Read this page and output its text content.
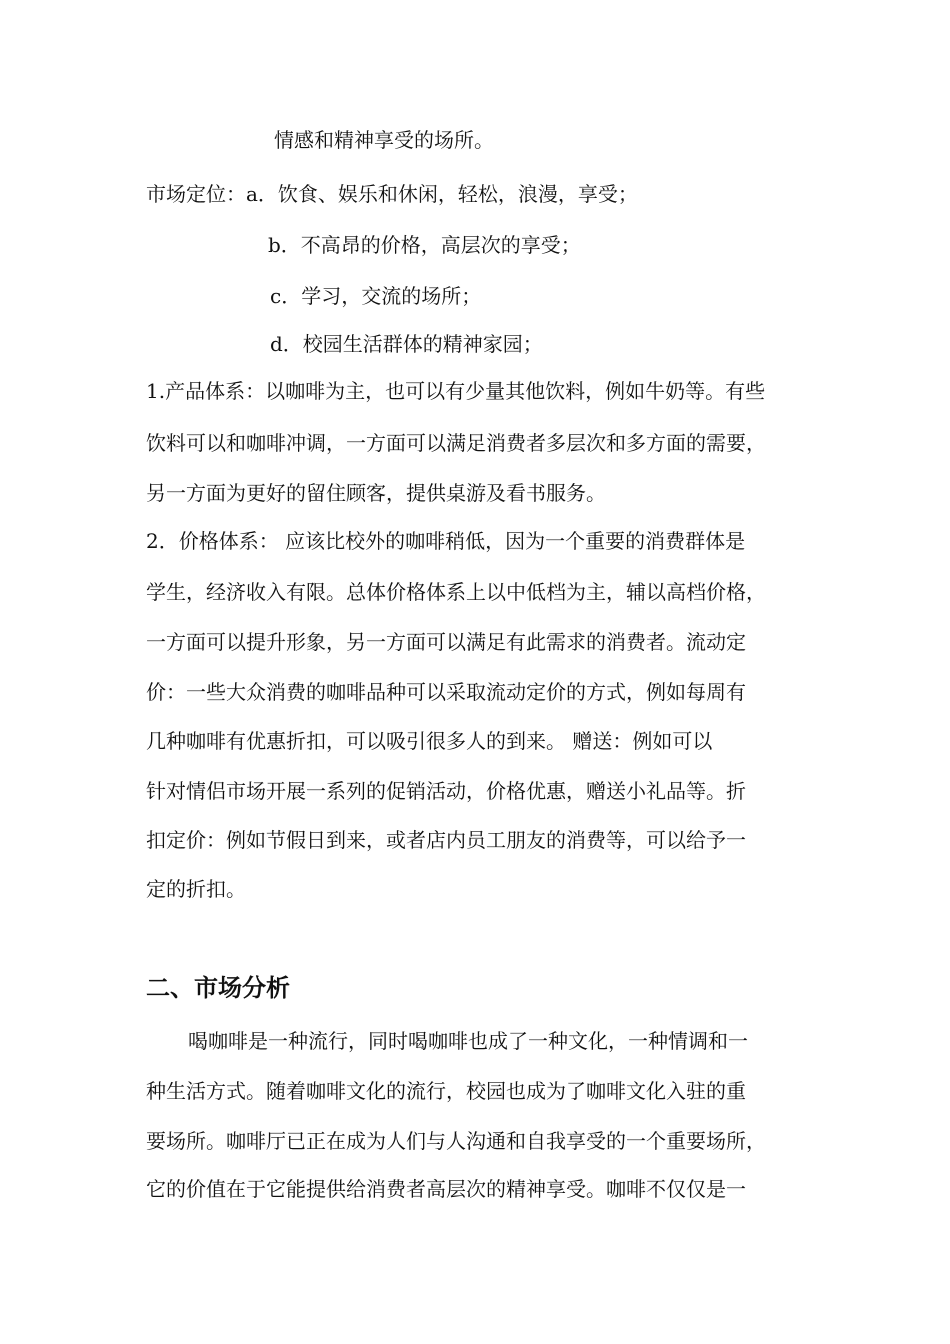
情感和精神享受的场所。
市场定位：a．饮食、娱乐和休闲，轻松，浪漫，享受；
b．不高昂的价格，高层次的享受；
c．学习，交流的场所；
d．校园生活群体的精神家园；
1.产品体系：以咖啡为主，也可以有少量其他饮料，例如牛奶等。有些
饮料可以和咖啡冲调，一方面可以满足消费者多层次和多方面的需要，
另一方面为更好的留住顾客，提供桌游及看书服务。
2．价格体系： 应该比校外的咖啡稍低，因为一个重要的消费群体是
学生，经济收入有限。总体价格体系上以中低档为主，辅以高档价格，
一方面可以提升形象，另一方面可以满足有此需求的消费者。流动定
价：一些大众消费的咖啡品种可以采取流动定价的方式，例如每周有
几种咖啡有优惠折扣，可以吸引很多人的到来。 赠送：例如可以
针对情侣市场开展一系列的促销活动，价格优惠，赠送小礼品等。折
扣定价：例如节假日到来，或者店内员工朋友的消费等，可以给予一
定的折扣。
二、市场分析
喝咖啡是一种流行，同时喝咖啡也成了一种文化，一种情调和一
种生活方式。随着咖啡文化的流行，校园也成为了咖啡文化入驻的重
要场所。咖啡厅已正在成为人们与人沟通和自我享受的一个重要场所，
它的价值在于它能提供给消费者高层次的精神享受。咖啡不仅仅是一
